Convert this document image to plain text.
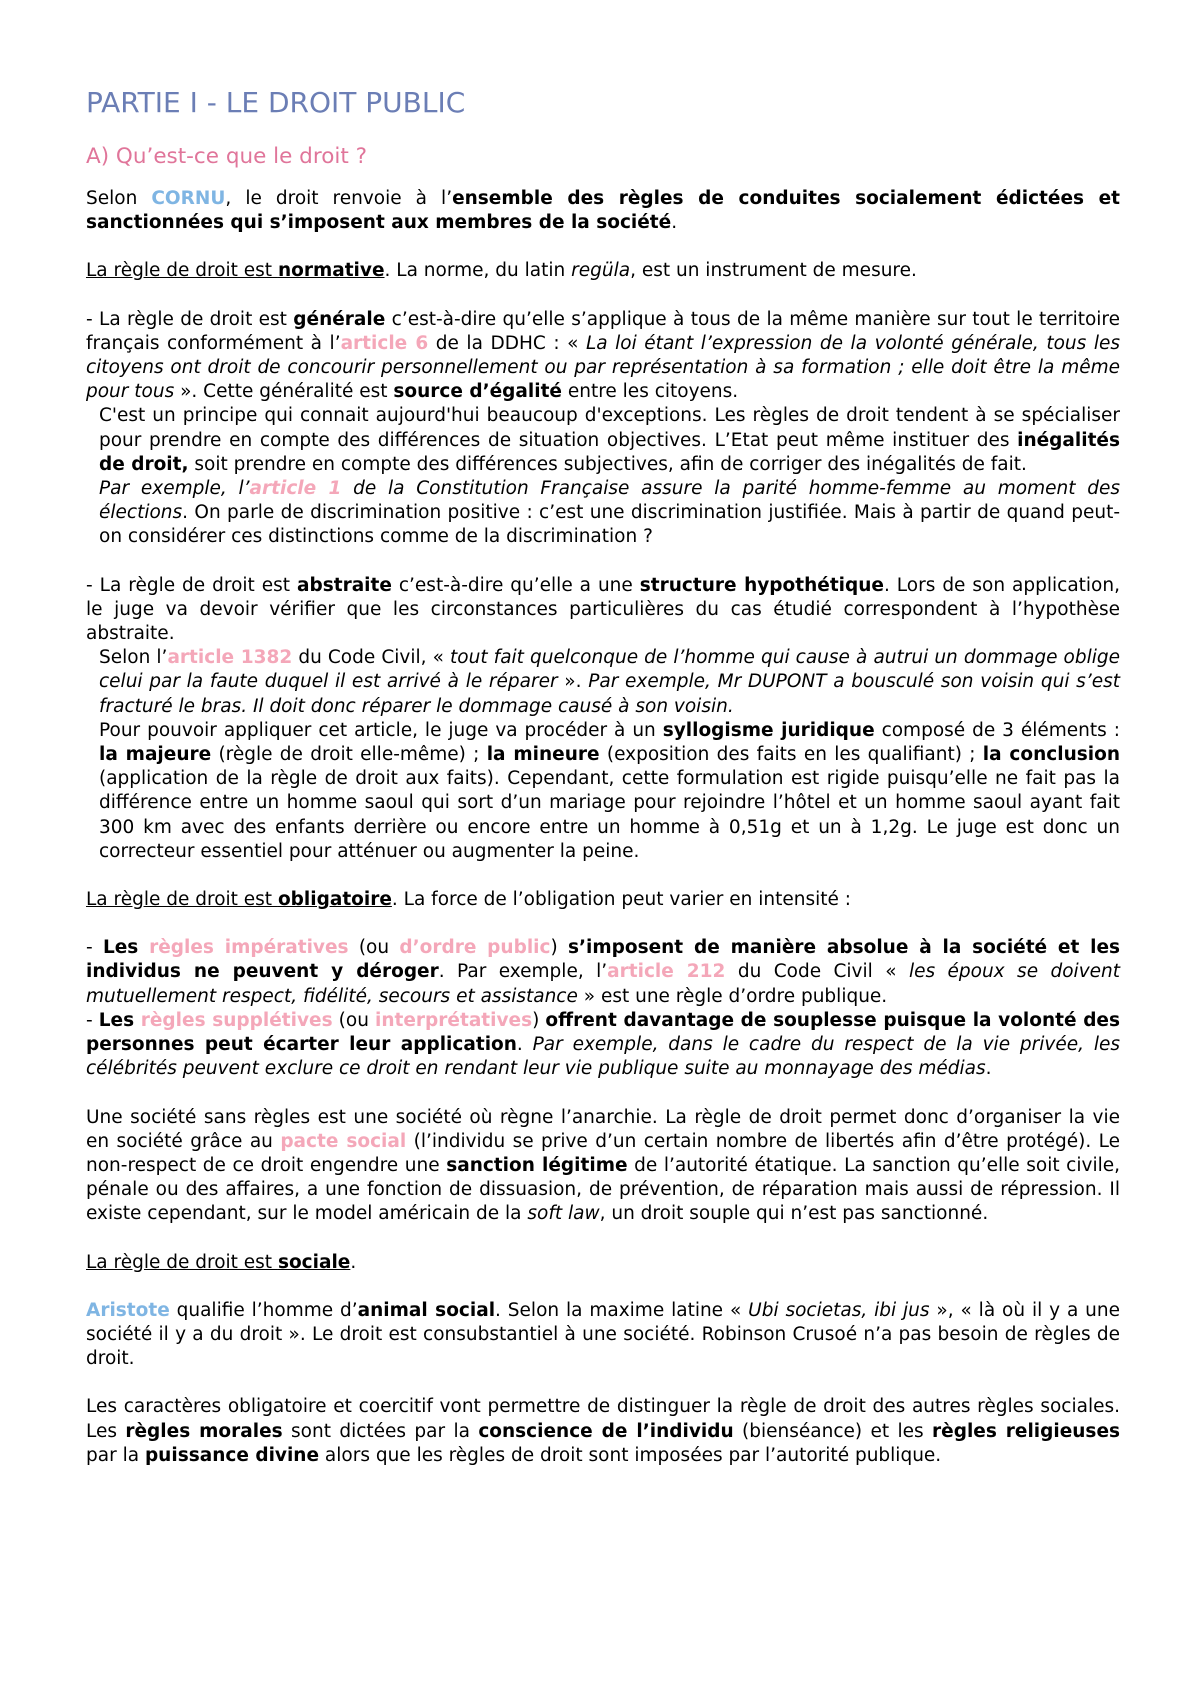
PARTIE I - LE DROIT PUBLIC
A) Qu’est-ce que le droit ?

Selon CORNU, le droit renvoie à l’ensemble des règles de conduites socialement édictées et sanctionnées qui s’imposent aux membres de la société.

La règle de droit est normative. La norme, du latin regüla, est un instrument de mesure.

- La règle de droit est générale c’est-à-dire qu’elle s’applique à tous de la même manière sur tout le territoire français conformément à l’article 6 de la DDHC : « La loi étant l’expression de la volonté générale, tous les citoyens ont droit de concourir personnellement ou par représentation à sa formation ; elle doit être la même pour tous ». Cette généralité est source d’égalité entre les citoyens.

C'est un principe qui connait aujourd'hui beaucoup d'exceptions. Les règles de droit tendent à se spécialiser pour prendre en compte des différences de situation objectives. L’Etat peut même instituer des inégalités de droit, soit prendre en compte des différences subjectives, afin de corriger des inégalités de fait.

Par exemple, l’article 1 de la Constitution Française assure la parité homme-femme au moment des élections. On parle de discrimination positive : c’est une discrimination justifiée. Mais à partir de quand peut-on considérer ces distinctions comme de la discrimination ?

- La règle de droit est abstraite c’est-à-dire qu’elle a une structure hypothétique. Lors de son application, le juge va devoir vérifier que les circonstances particulières du cas étudié correspondent à l’hypothèse abstraite.

Selon l’article 1382 du Code Civil, « tout fait quelconque de l’homme qui cause à autrui un dommage oblige celui par la faute duquel il est arrivé à le réparer ». Par exemple, Mr DUPONT a bousculé son voisin qui s’est fracturé le bras. Il doit donc réparer le dommage causé à son voisin.

Pour pouvoir appliquer cet article, le juge va procéder à un syllogisme juridique composé de 3 éléments : la majeure (règle de droit elle-même) ; la mineure (exposition des faits en les qualifiant) ; la conclusion (application de la règle de droit aux faits). Cependant, cette formulation est rigide puisqu’elle ne fait pas la différence entre un homme saoul qui sort d’un mariage pour rejoindre l’hôtel et un homme saoul ayant fait 300 km avec des enfants derrière ou encore entre un homme à 0,51g et un à 1,2g. Le juge est donc un correcteur essentiel pour atténuer ou augmenter la peine.

La règle de droit est obligatoire. La force de l’obligation peut varier en intensité :

- Les règles impératives (ou d’ordre public) s’imposent de manière absolue à la société et les individus ne peuvent y déroger. Par exemple, l’article 212 du Code Civil « les époux se doivent mutuellement respect, fidélité, secours et assistance » est une règle d’ordre publique.

- Les règles supplétives (ou interprétatives) offrent davantage de souplesse puisque la volonté des personnes peut écarter leur application. Par exemple, dans le cadre du respect de la vie privée, les célébrités peuvent exclure ce droit en rendant leur vie publique suite au monnayage des médias.

Une société sans règles est une société où règne l’anarchie. La règle de droit permet donc d’organiser la vie en société grâce au pacte social (l’individu se prive d’un certain nombre de libertés afin d’être protégé). Le non-respect de ce droit engendre une sanction légitime de l’autorité étatique. La sanction qu’elle soit civile, pénale ou des affaires, a une fonction de dissuasion, de prévention, de réparation mais aussi de répression. Il existe cependant, sur le model américain de la soft law, un droit souple qui n’est pas sanctionné.

La règle de droit est sociale.

Aristote qualifie l’homme d’animal social. Selon la maxime latine « Ubi societas, ibi jus », « là où il y a une société il y a du droit ». Le droit est consubstantiel à une société. Robinson Crusoé n’a pas besoin de règles de droit.

Les caractères obligatoire et coercitif vont permettre de distinguer la règle de droit des autres règles sociales. Les règles morales sont dictées par la conscience de l’individu (bienséance) et les règles religieuses par la puissance divine alors que les règles de droit sont imposées par l’autorité publique.
